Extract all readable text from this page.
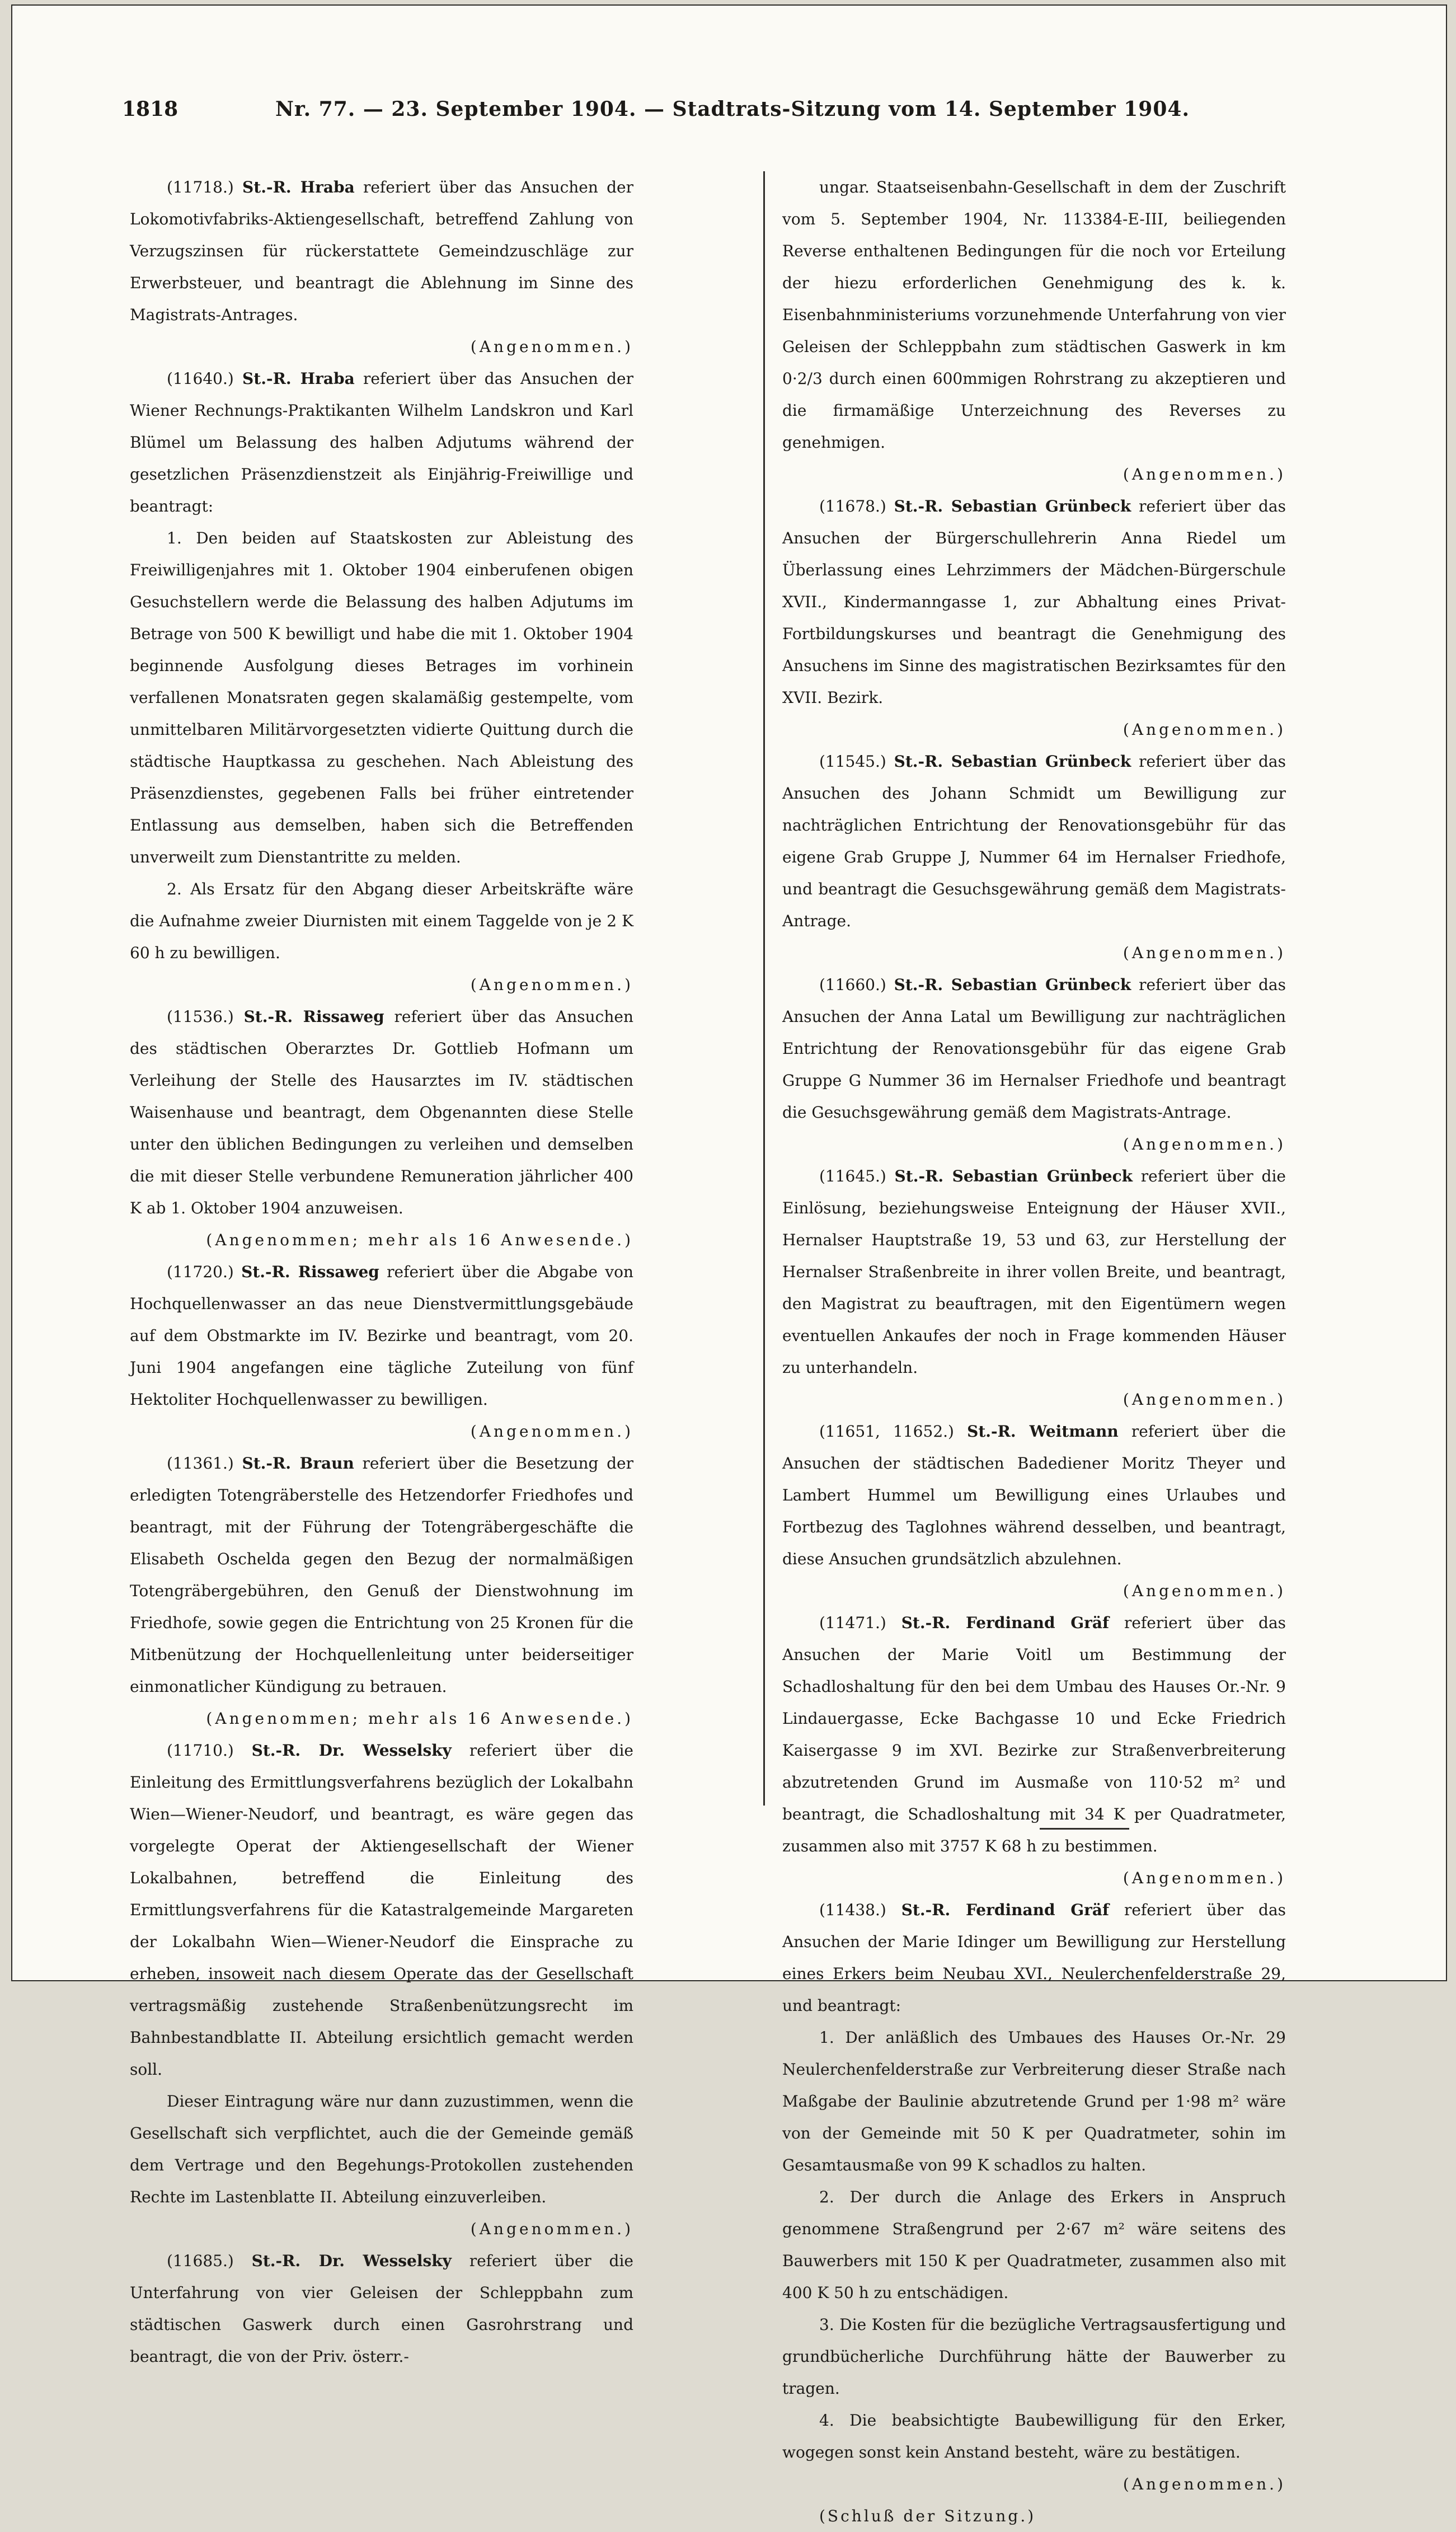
1818	Nr. 77. — 23. September 1904. — Stadtrats-Sitzung vom 14. September 1904.

(11718.) St.-R. Hraba referiert über das Ansuchen der Lokomotivfabriks-Aktiengesellschaft, betreffend Zahlung von Verzugszinsen für rückerstattete Gemeindzuschläge zur Erwerbsteuer, und beantragt die Ablehnung im Sinne des Magistrats-Antrages.
(Angenommen.)

(11640.) St.-R. Hraba referiert über das Ansuchen der Wiener Rechnungs-Praktikanten Wilhelm Landskron und Karl Blümel um Belassung des halben Adjutums während der gesetzlichen Präsenzdienstzeit als Einjährig-Freiwillige und beantragt:

1. Den beiden auf Staatskosten zur Ableistung des Freiwilligenjahres mit 1. Oktober 1904 einberufenen obigen Gesuchstellern werde die Belassung des halben Adjutums im Betrage von 500 K bewilligt und habe die mit 1. Oktober 1904 beginnende Ausfolgung dieses Betrages im vorhinein verfallenen Monatsraten gegen skalamäßig gestempelte, vom unmittelbaren Militärvorgesetzten vidierte Quittung durch die städtische Hauptkassa zu geschehen. Nach Ableistung des Präsenzdienstes, gegebenen Falls bei früher eintretender Entlassung aus demselben, haben sich die Betreffenden unverweilt zum Dienstantritte zu melden.

2. Als Ersatz für den Abgang dieser Arbeitskräfte wäre die Aufnahme zweier Diurnisten mit einem Taggelde von je 2 K 60 h zu bewilligen.
(Angenommen.)

(11536.) St.-R. Rissaweg referiert über das Ansuchen des städtischen Oberarztes Dr. Gottlieb Hofmann um Verleihung der Stelle des Hausarztes im IV. städtischen Waisenhause und beantragt, dem Obgenannten diese Stelle unter den üblichen Bedingungen zu verleihen und demselben die mit dieser Stelle verbundene Remuneration jährlicher 400 K ab 1. Oktober 1904 anzuweisen.
(Angenommen; mehr als 16 Anwesende.)

(11720.) St.-R. Rissaweg referiert über die Abgabe von Hochquellenwasser an das neue Dienstvermittlungsgebäude auf dem Obstmarkte im IV. Bezirke und beantragt, vom 20. Juni 1904 angefangen eine tägliche Zuteilung von fünf Hektoliter Hochquellenwasser zu bewilligen.
(Angenommen.)

(11361.) St.-R. Braun referiert über die Besetzung der erledigten Totengräberstelle des Hetzendorfer Friedhofes und beantragt, mit der Führung der Totengräbergeschäfte die Elisabeth Oschelda gegen den Bezug der normalmäßigen Totengräbergebühren, den Genuß der Dienstwohnung im Friedhofe, sowie gegen die Entrichtung von 25 Kronen für die Mitbenützung der Hochquellenleitung unter beiderseitiger einmonatlicher Kündigung zu betrauen.
(Angenommen; mehr als 16 Anwesende.)

(11710.) St.-R. Dr. Wesselsky referiert über die Einleitung des Ermittlungsverfahrens bezüglich der Lokalbahn Wien—Wiener-Neudorf, und beantragt, es wäre gegen das vorgelegte Operat der Aktiengesellschaft der Wiener Lokalbahnen, betreffend die Einleitung des Ermittlungsverfahrens für die Katastralgemeinde Margareten der Lokalbahn Wien—Wiener-Neudorf die Einsprache zu erheben, insoweit nach diesem Operate das der Gesellschaft vertragsmäßig zustehende Straßenbenützungsrecht im Bahnbestandblatte II. Abteilung ersichtlich gemacht werden soll.

Dieser Eintragung wäre nur dann zuzustimmen, wenn die Gesellschaft sich verpflichtet, auch die der Gemeinde gemäß dem Vertrage und den Begehungs-Protokollen zustehenden Rechte im Lastenblatte II. Abteilung einzuverleiben.
(Angenommen.)

(11685.) St.-R. Dr. Wesselsky referiert über die Unterfahrung von vier Geleisen der Schleppbahn zum städtischen Gaswerk durch einen Gasrohrstrang und beantragt, die von der Priv. österr.-

ungar. Staatseisenbahn-Gesellschaft in dem der Zuschrift vom 5. September 1904, Nr. 113384-E-III, beiliegenden Reverse enthaltenen Bedingungen für die noch vor Erteilung der hiezu erforderlichen Genehmigung des k. k. Eisenbahnministeriums vorzunehmende Unterfahrung von vier Geleisen der Schleppbahn zum städtischen Gaswerk in km 0·2/3 durch einen 600mmigen Rohrstrang zu akzeptieren und die firmamäßige Unterzeichnung des Reverses zu genehmigen.
(Angenommen.)

(11678.) St.-R. Sebastian Grünbeck referiert über das Ansuchen der Bürgerschullehrerin Anna Riedel um Überlassung eines Lehrzimmers der Mädchen-Bürgerschule XVII., Kindermanngasse 1, zur Abhaltung eines Privat-Fortbildungskurses und beantragt die Genehmigung des Ansuchens im Sinne des magistratischen Bezirksamtes für den XVII. Bezirk.
(Angenommen.)

(11545.) St.-R. Sebastian Grünbeck referiert über das Ansuchen des Johann Schmidt um Bewilligung zur nachträglichen Entrichtung der Renovationsgebühr für das eigene Grab Gruppe J, Nummer 64 im Hernalser Friedhofe, und beantragt die Gesuchsgewährung gemäß dem Magistrats-Antrage.
(Angenommen.)

(11660.) St.-R. Sebastian Grünbeck referiert über das Ansuchen der Anna Latal um Bewilligung zur nachträglichen Entrichtung der Renovationsgebühr für das eigene Grab Gruppe G Nummer 36 im Hernalser Friedhofe und beantragt die Gesuchsgewährung gemäß dem Magistrats-Antrage.
(Angenommen.)

(11645.) St.-R. Sebastian Grünbeck referiert über die Einlösung, beziehungsweise Enteignung der Häuser XVII., Hernalser Hauptstraße 19, 53 und 63, zur Herstellung der Hernalser Straßenbreite in ihrer vollen Breite, und beantragt, den Magistrat zu beauftragen, mit den Eigentümern wegen eventuellen Ankaufes der noch in Frage kommenden Häuser zu unterhandeln.
(Angenommen.)

(11651, 11652.) St.-R. Weitmann referiert über die Ansuchen der städtischen Badediener Moritz Theyer und Lambert Hummel um Bewilligung eines Urlaubes und Fortbezug des Taglohnes während desselben, und beantragt, diese Ansuchen grundsätzlich abzulehnen.
(Angenommen.)

(11471.) St.-R. Ferdinand Gräf referiert über das Ansuchen der Marie Voitl um Bestimmung der Schadloshaltung für den bei dem Umbau des Hauses Or.-Nr. 9 Lindauergasse, Ecke Bachgasse 10 und Ecke Friedrich Kaisergasse 9 im XVI. Bezirke zur Straßenverbreiterung abzutretenden Grund im Ausmaße von 110·52 m² und beantragt, die Schadloshaltung mit 34 K per Quadratmeter, zusammen also mit 3757 K 68 h zu bestimmen.
(Angenommen.)

(11438.) St.-R. Ferdinand Gräf referiert über das Ansuchen der Marie Idinger um Bewilligung zur Herstellung eines Erkers beim Neubau XVI., Neulerchenfelderstraße 29, und beantragt:

1. Der anläßlich des Umbaues des Hauses Or.-Nr. 29 Neulerchenfelderstraße zur Verbreiterung dieser Straße nach Maßgabe der Baulinie abzutretende Grund per 1·98 m² wäre von der Gemeinde mit 50 K per Quadratmeter, sohin im Gesamtausmaße von 99 K schadlos zu halten.

2. Der durch die Anlage des Erkers in Anspruch genommene Straßengrund per 2·67 m² wäre seitens des Bauwerbers mit 150 K per Quadratmeter, zusammen also mit 400 K 50 h zu entschädigen.

3. Die Kosten für die bezügliche Vertragsausfertigung und grundbücherliche Durchführung hätte der Bauwerber zu tragen.

4. Die beabsichtigte Baubewilligung für den Erker, wogegen sonst kein Anstand besteht, wäre zu bestätigen.
(Angenommen.)

(Schluß der Sitzung.)
